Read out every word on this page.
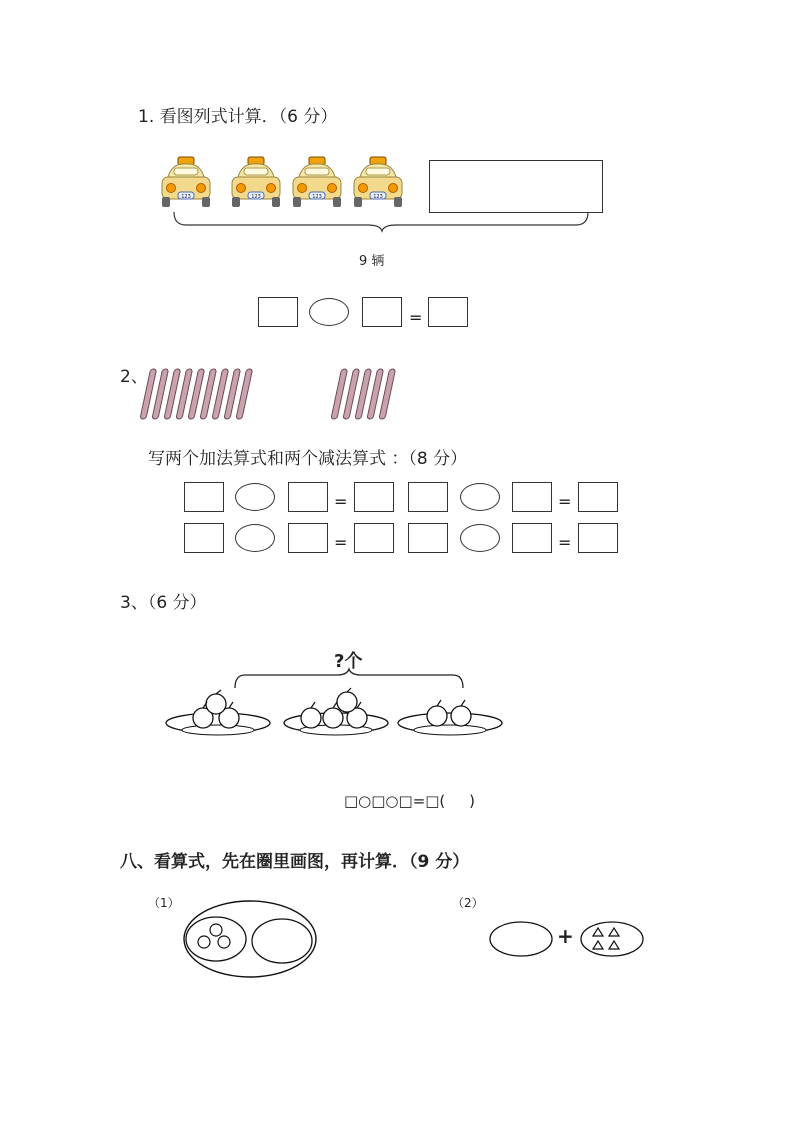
1. 看图列式计算．（6 分）
123	123	123	123
9 辆
=
2、
写两个加法算式和两个减法算式 ：（8 分）
=	=
=	=
3、（6 分）
?个
□○□○□=□(     )
八、看算式，先在圈里画图，再计算．（9 分）
（1）	（2）
+
